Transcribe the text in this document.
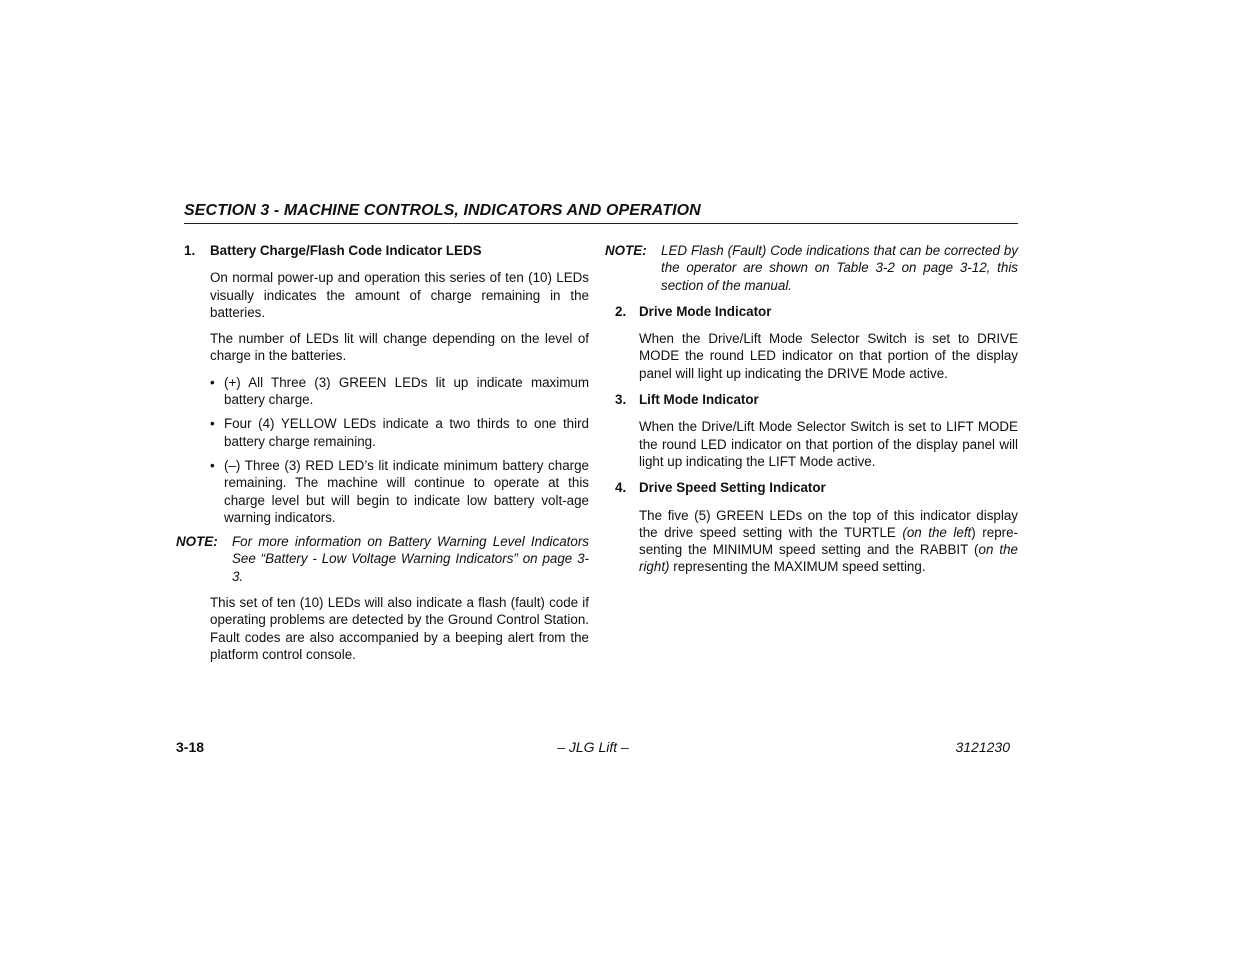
SECTION 3 - MACHINE CONTROLS, INDICATORS AND OPERATION
1.	Battery Charge/Flash Code Indicator LEDS

On normal power-up and operation this series of ten (10) LEDs visually indicates the amount of charge remaining in the batteries.

The number of LEDs lit will change depending on the level of charge in the batteries.

• (+) All Three (3) GREEN LEDs lit up indicate maximum battery charge.
• Four (4) YELLOW LEDs indicate a two thirds to one third battery charge remaining.
• (–) Three (3) RED LED’s lit indicate minimum battery charge remaining. The machine will continue to operate at this charge level but will begin to indicate low battery volt-age warning indicators.
NOTE:	For more information on Battery Warning Level Indicators See “Battery - Low Voltage Warning Indicators” on page 3-3.

This set of ten (10) LEDs will also indicate a flash (fault) code if operating problems are detected by the Ground Control Station. Fault codes are also accompanied by a beeping alert from the platform control console.

NOTE:	LED Flash (Fault) Code indications that can be corrected by the operator are shown on Table 3-2 on page 3-12, this section of the manual.
2. Drive Mode Indicator

When the Drive/Lift Mode Selector Switch is set to DRIVE MODE the round LED indicator on that portion of the display panel will light up indicating the DRIVE Mode active.

3. Lift Mode Indicator

When the Drive/Lift Mode Selector Switch is set to LIFT MODE the round LED indicator on that portion of the display panel will light up indicating the LIFT Mode active.

4. Drive Speed Setting Indicator

The five (5) GREEN LEDs on the top of this indicator display the drive speed setting with the TURTLE (on the left) repre-senting the MINIMUM speed setting and the RABBIT (on the right) representing the MAXIMUM speed setting.

3-18	– JLG Lift –	3121230
